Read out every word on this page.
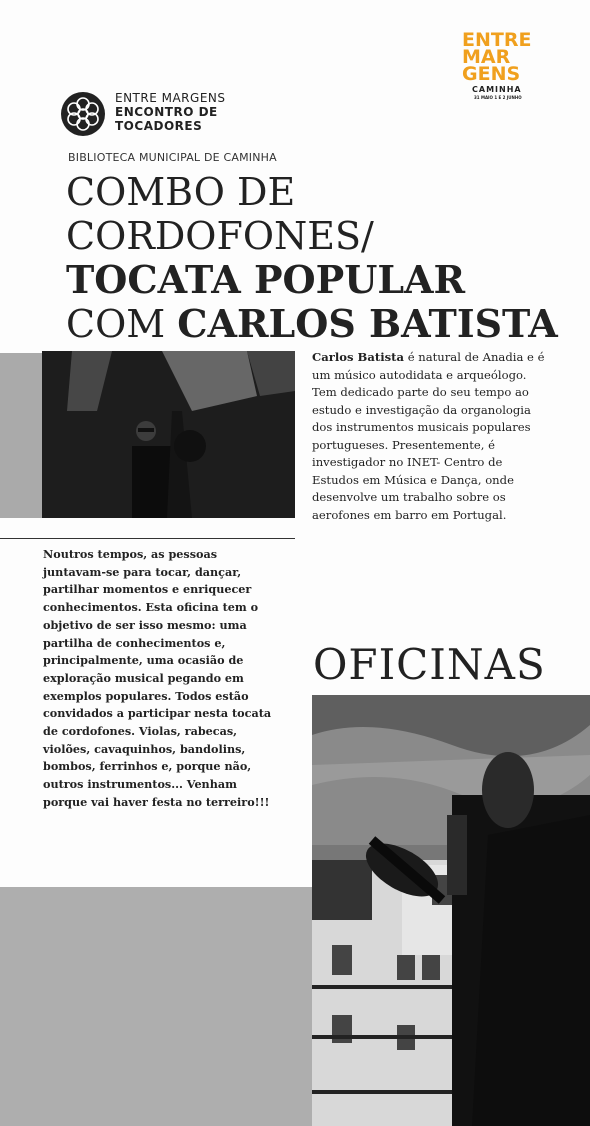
ENTRE
MAR
GENS
CAMINHA
31 MAIO 1 E 2 JUNHO
ENTRE MARGENS
ENCONTRO DE
TOCADORES
BIBLIOTECA MUNICIPAL DE CAMINHA
COMBO DE
CORDOFONES/
TOCATA POPULAR
COM CARLOS BATISTA
Carlos Batista é natural de Anadia e é um músico autodidata e arqueólogo. Tem dedicado parte do seu tempo ao estudo e investigação da organologia dos instrumentos musicais populares portugueses. Presentemente, é investigador no INET- Centro de Estudos em Música e Dança, onde desenvolve um trabalho sobre os aerofones em barro em Portugal.
Noutros tempos, as pessoas juntavam-se para tocar, dançar, partilhar momentos e enriquecer conhecimentos. Esta oficina tem o objetivo de ser isso mesmo: uma partilha de conhecimentos e, principalmente, uma ocasião de exploração musical pegando em exemplos populares. Todos estão convidados a participar nesta tocata de cordofones. Violas, rabecas, violões, cavaquinhos, bandolins, bombos, ferrinhos e, porque não, outros instrumentos... Venham porque vai haver festa no terreiro!!!
OFICINAS
